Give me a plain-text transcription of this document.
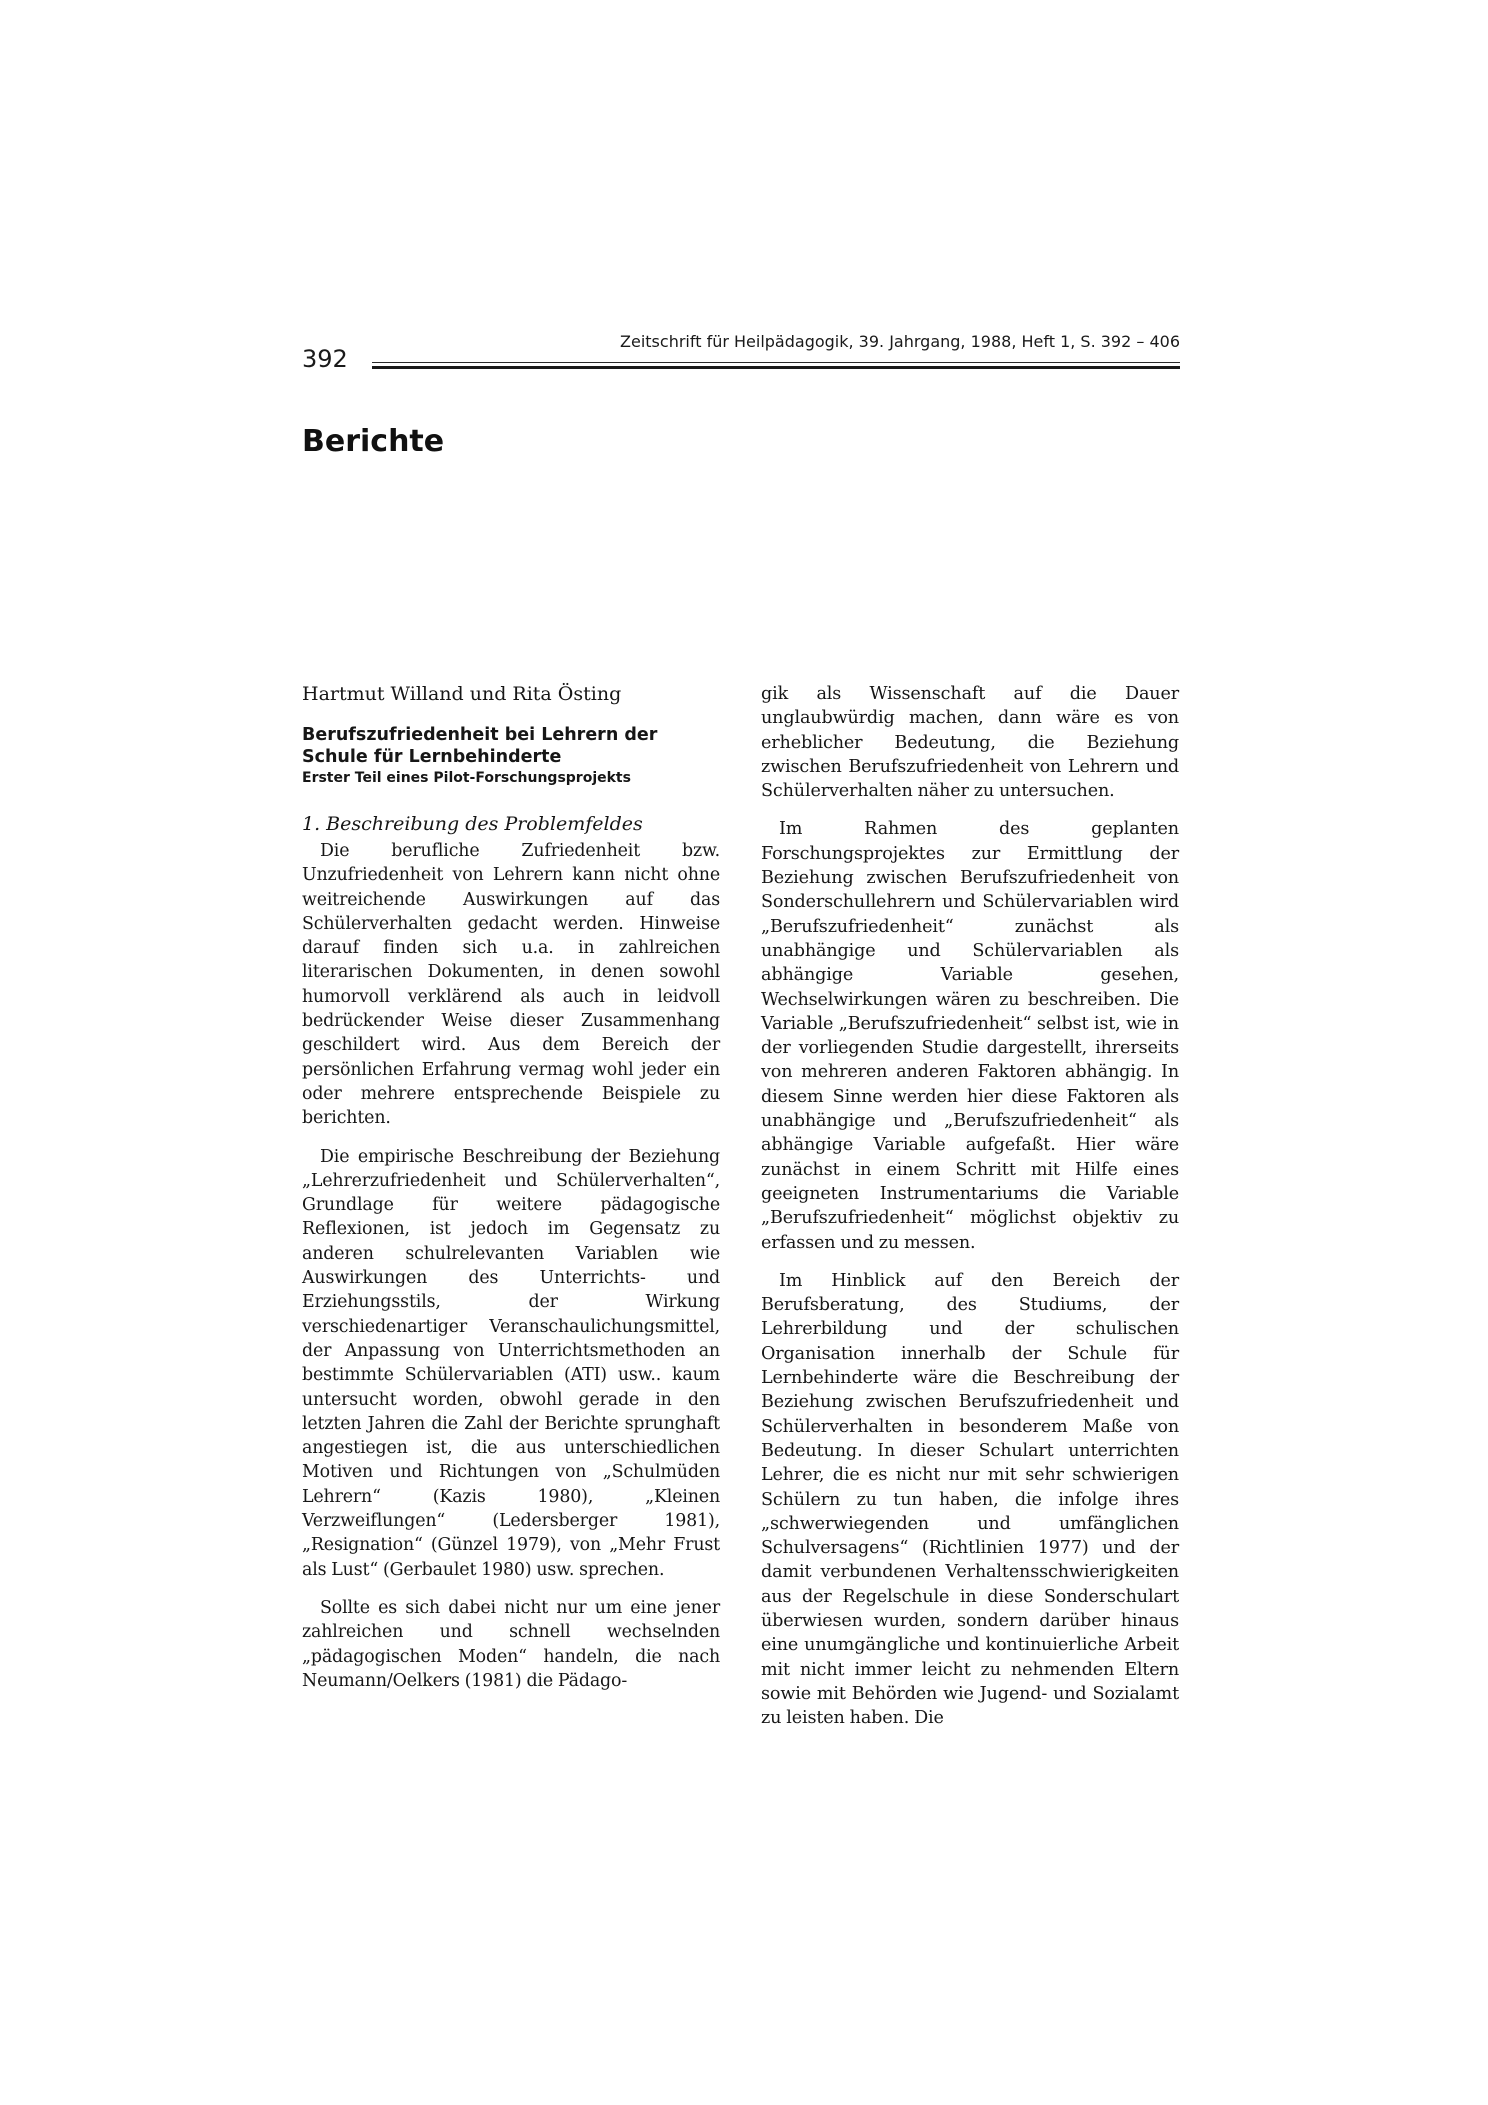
392
Zeitschrift für Heilpädagogik, 39. Jahrgang, 1988, Heft 1, S. 392 – 406
Berichte

Hartmut Willand und Rita Östing

Berufszufriedenheit bei Lehrern der Schule für Lernbehinderte

Erster Teil eines Pilot-Forschungsprojekts

1. Beschreibung des Problemfeldes

Die berufliche Zufriedenheit bzw. Unzufriedenheit von Lehrern kann nicht ohne weitreichende Auswirkungen auf das Schülerverhalten gedacht werden. Hinweise darauf finden sich u.a. in zahlreichen literarischen Dokumenten, in denen sowohl humorvoll verklärend als auch in leidvoll bedrückender Weise dieser Zusammenhang geschildert wird. Aus dem Bereich der persönlichen Erfahrung vermag wohl jeder ein oder mehrere entsprechende Beispiele zu berichten.

Die empirische Beschreibung der Beziehung „Lehrerzufriedenheit und Schülerverhalten“, Grundlage für weitere pädagogische Reflexionen, ist jedoch im Gegensatz zu anderen schulrelevanten Variablen wie Auswirkungen des Unterrichts- und Erziehungsstils, der Wirkung verschiedenartiger Veranschaulichungsmittel, der Anpassung von Unterrichtsmethoden an bestimmte Schülervariablen (ATI) usw.. kaum untersucht worden, obwohl gerade in den letzten Jahren die Zahl der Berichte sprunghaft angestiegen ist, die aus unterschiedlichen Motiven und Richtungen von „Schulmüden Lehrern“ (Kazis 1980), „Kleinen Verzweiflungen“ (Ledersberger 1981), „Resignation“ (Günzel 1979), von „Mehr Frust als Lust“ (Gerbaulet 1980) usw. sprechen.

Sollte es sich dabei nicht nur um eine jener zahlreichen und schnell wechselnden „pädagogischen Moden“ handeln, die nach Neumann/Oelkers (1981) die Pädago-

gik als Wissenschaft auf die Dauer unglaubwürdig machen, dann wäre es von erheblicher Bedeutung, die Beziehung zwischen Berufszufriedenheit von Lehrern und Schülerverhalten näher zu untersuchen.

Im Rahmen des geplanten Forschungsprojektes zur Ermittlung der Beziehung zwischen Berufszufriedenheit von Sonderschullehrern und Schülervariablen wird „Berufszufriedenheit“ zunächst als unabhängige und Schülervariablen als abhängige Variable gesehen, Wechselwirkungen wären zu beschreiben. Die Variable „Berufszufriedenheit“ selbst ist, wie in der vorliegenden Studie dargestellt, ihrerseits von mehreren anderen Faktoren abhängig. In diesem Sinne werden hier diese Faktoren als unabhängige und „Berufszufriedenheit“ als abhängige Variable aufgefaßt. Hier wäre zunächst in einem Schritt mit Hilfe eines geeigneten Instrumentariums die Variable „Berufszufriedenheit“ möglichst objektiv zu erfassen und zu messen.

Im Hinblick auf den Bereich der Berufsberatung, des Studiums, der Lehrerbildung und der schulischen Organisation innerhalb der Schule für Lernbehinderte wäre die Beschreibung der Beziehung zwischen Berufszufriedenheit und Schülerverhalten in besonderem Maße von Bedeutung. In dieser Schulart unterrichten Lehrer, die es nicht nur mit sehr schwierigen Schülern zu tun haben, die infolge ihres „schwerwiegenden und umfänglichen Schulversagens“ (Richtlinien 1977) und der damit verbundenen Verhaltensschwierigkeiten aus der Regelschule in diese Sonderschulart überwiesen wurden, sondern darüber hinaus eine unumgängliche und kontinuierliche Arbeit mit nicht immer leicht zu nehmenden Eltern sowie mit Behörden wie Jugend- und Sozialamt zu leisten haben. Die
